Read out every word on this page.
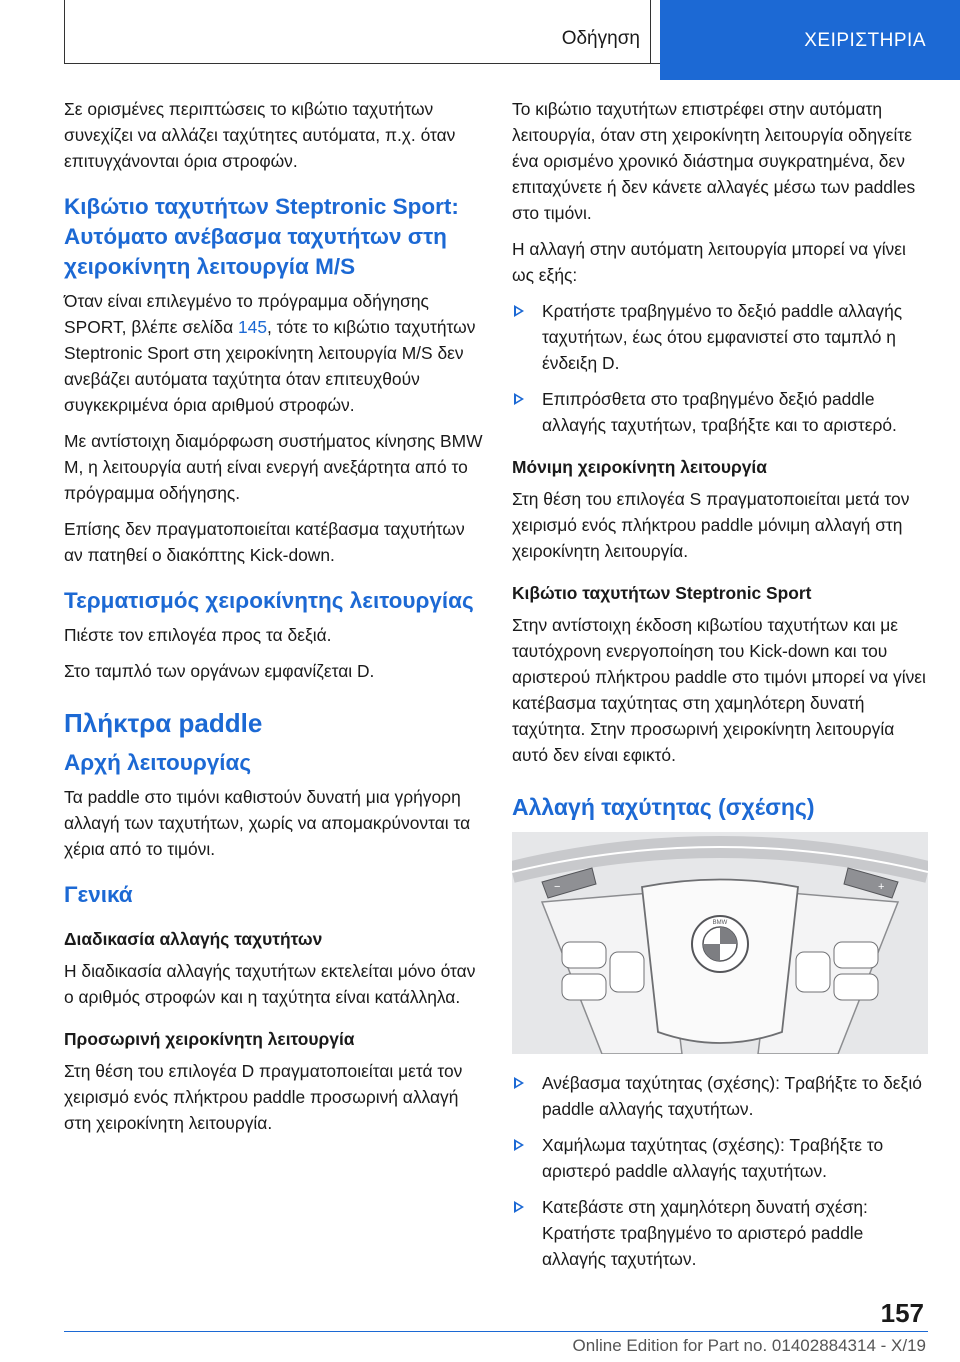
Οδήγηση	ΧΕΙΡΙΣΤΗΡΙΑ

Σε ορισμένες περιπτώσεις το κιβώτιο ταχυτήτων συνεχίζει να αλλάζει ταχύτητες αυτόματα, π.χ. όταν επιτυγχάνονται όρια στροφών.

Κιβώτιο ταχυτήτων Steptronic Sport: Αυτόματο ανέβασμα ταχυτήτων στη χειροκίνητη λειτουργία M/S

Όταν είναι επιλεγμένο το πρόγραμμα οδήγησης SPORT, βλέπε σελίδα 145, τότε το κιβώτιο ταχυτήτων Steptronic Sport στη χειροκίνητη λειτουργία M/S δεν ανεβάζει αυτόματα ταχύτητα όταν επιτευχθούν συγκεκριμένα όρια αριθμού στροφών.

Με αντίστοιχη διαμόρφωση συστήματος κίνησης BMW M, η λειτουργία αυτή είναι ενεργή ανεξάρτητα από το πρόγραμμα οδήγησης.

Επίσης δεν πραγματοποιείται κατέβασμα ταχυτήτων αν πατηθεί ο διακόπτης Kick-down.

Τερματισμός χειροκίνητης λειτουργίας

Πιέστε τον επιλογέα προς τα δεξιά.

Στο ταμπλό των οργάνων εμφανίζεται D.

Πλήκτρα paddle
Αρχή λειτουργίας

Τα paddle στο τιμόνι καθιστούν δυνατή μια γρήγορη αλλαγή των ταχυτήτων, χωρίς να απομακρύνονται τα χέρια από το τιμόνι.

Γενικά
Διαδικασία αλλαγής ταχυτήτων

Η διαδικασία αλλαγής ταχυτήτων εκτελείται μόνο όταν ο αριθμός στροφών και η ταχύτητα είναι κατάλληλα.

Προσωρινή χειροκίνητη λειτουργία

Στη θέση του επιλογέα D πραγματοποιείται μετά τον χειρισμό ενός πλήκτρου paddle προσωρινή αλλαγή στη χειροκίνητη λειτουργία.

Το κιβώτιο ταχυτήτων επιστρέφει στην αυτόματη λειτουργία, όταν στη χειροκίνητη λειτουργία οδηγείτε ένα ορισμένο χρονικό διάστημα συγκρατημένα, δεν επιταχύνετε ή δεν κάνετε αλλαγές μέσω των paddles στο τιμόνι.

Η αλλαγή στην αυτόματη λειτουργία μπορεί να γίνει ως εξής:

Κρατήστε τραβηγμένο το δεξιό paddle αλλαγής ταχυτήτων, έως ότου εμφανιστεί στο ταμπλό η ένδειξη D.
Επιπρόσθετα στο τραβηγμένο δεξιό paddle αλλαγής ταχυτήτων, τραβήξτε και το αριστερό.
Μόνιμη χειροκίνητη λειτουργία

Στη θέση του επιλογέα S πραγματοποιείται μετά τον χειρισμό ενός πλήκτρου paddle μόνιμη αλλαγή στη χειροκίνητη λειτουργία.

Κιβώτιο ταχυτήτων Steptronic Sport

Στην αντίστοιχη έκδοση κιβωτίου ταχυτήτων και με ταυτόχρονη ενεργοποίηση του Kick-down και του αριστερού πλήκτρου paddle στο τιμόνι μπορεί να γίνει κατέβασμα ταχύτητας στη χαμηλότερη δυνατή ταχύτητα. Στην προσωρινή χειροκίνητη λειτουργία αυτό δεν είναι εφικτό.

Αλλαγή ταχύτητας (σχέσης)
−	+
BMW
Ανέβασμα ταχύτητας (σχέσης): Τραβήξτε το δεξιό paddle αλλαγής ταχυτήτων.
Χαμήλωμα ταχύτητας (σχέσης): Τραβήξτε το αριστερό paddle αλλαγής ταχυτήτων.
Κατεβάστε στη χαμηλότερη δυνατή σχέση: Κρατήστε τραβηγμένο το αριστερό paddle αλλαγής ταχυτήτων.
157
Online Edition for Part no. 01402884314 - X/19
